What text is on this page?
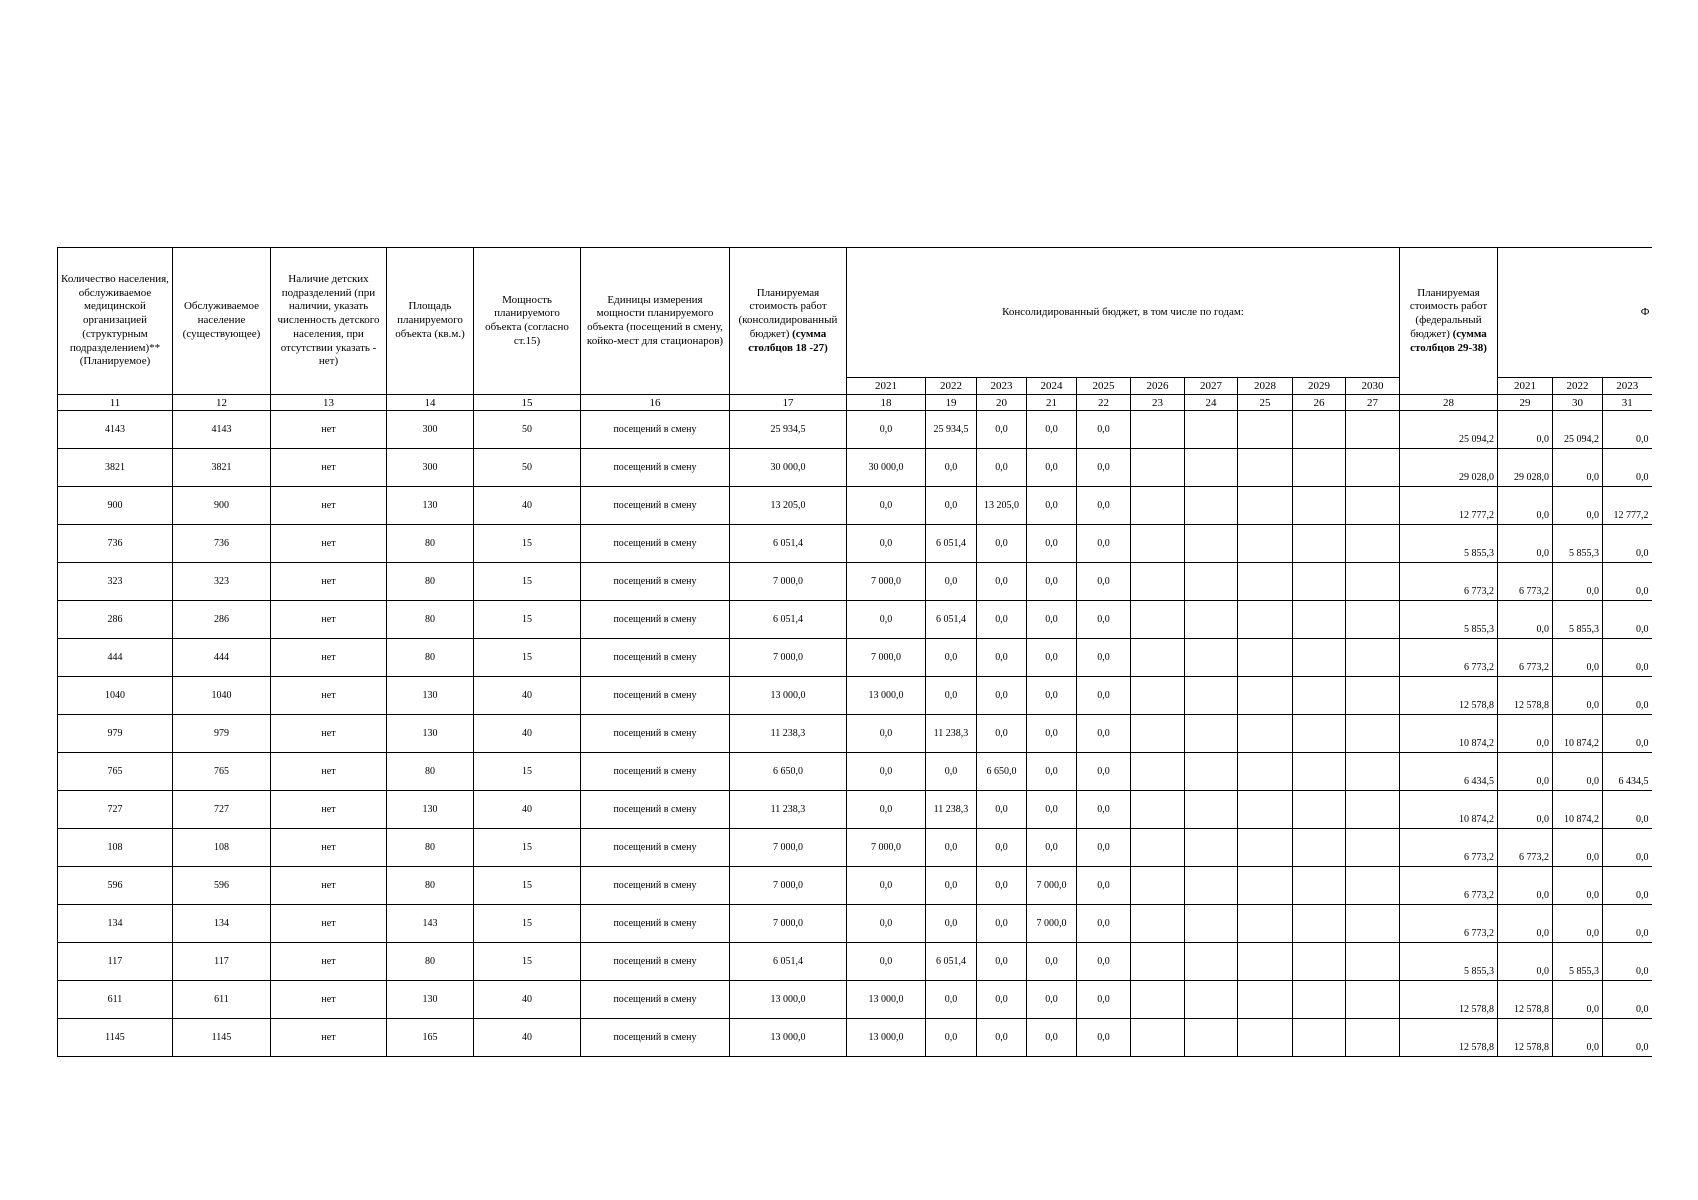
Количество населения, обслуживаемое медицинской организацией (структурным подразделением)** (Планируемое)	Обслуживаемое население (существующее)	Наличие детских подразделений (при наличии, указать численность детского населения, при отсутствии указать - нет)	Площадь планируемого объекта (кв.м.)	Мощность планируемого объекта (согласно ст.15)	Единицы измерения мощности планируемого объекта (посещений в смену, койко-мест для стационаров)	Планируемая стоимость работ (консолидированный бюджет) (сумма столбцов 18 -27)	Консолидированный бюджет, в том числе по годам:										Планируемая стоимость работ (федеральный бюджет) (сумма столбцов 29-38)	Ф		
							2021	2022	2023	2024	2025	2026	2027	2028	2029	2030		2021	2022	2023
11	12	13	14	15	16	17	18	19	20	21	22	23	24	25	26	27	28	29	30	31
4143	4143	нет	300	50	посещений в смену	25 934,5	0,0	25 934,5	0,0	0,0	0,0						25 094,2	0,0	25 094,2	0,0
3821	3821	нет	300	50	посещений в смену	30 000,0	30 000,0	0,0	0,0	0,0	0,0						29 028,0	29 028,0	0,0	0,0
900	900	нет	130	40	посещений в смену	13 205,0	0,0	0,0	13 205,0	0,0	0,0						12 777,2	0,0	0,0	12 777,2
736	736	нет	80	15	посещений в смену	6 051,4	0,0	6 051,4	0,0	0,0	0,0						5 855,3	0,0	5 855,3	0,0
323	323	нет	80	15	посещений в смену	7 000,0	7 000,0	0,0	0,0	0,0	0,0						6 773,2	6 773,2	0,0	0,0
286	286	нет	80	15	посещений в смену	6 051,4	0,0	6 051,4	0,0	0,0	0,0						5 855,3	0,0	5 855,3	0,0
444	444	нет	80	15	посещений в смену	7 000,0	7 000,0	0,0	0,0	0,0	0,0						6 773,2	6 773,2	0,0	0,0
1040	1040	нет	130	40	посещений в смену	13 000,0	13 000,0	0,0	0,0	0,0	0,0						12 578,8	12 578,8	0,0	0,0
979	979	нет	130	40	посещений в смену	11 238,3	0,0	11 238,3	0,0	0,0	0,0						10 874,2	0,0	10 874,2	0,0
765	765	нет	80	15	посещений в смену	6 650,0	0,0	0,0	6 650,0	0,0	0,0						6 434,5	0,0	0,0	6 434,5
727	727	нет	130	40	посещений в смену	11 238,3	0,0	11 238,3	0,0	0,0	0,0						10 874,2	0,0	10 874,2	0,0
108	108	нет	80	15	посещений в смену	7 000,0	7 000,0	0,0	0,0	0,0	0,0						6 773,2	6 773,2	0,0	0,0
596	596	нет	80	15	посещений в смену	7 000,0	0,0	0,0	0,0	7 000,0	0,0						6 773,2	0,0	0,0	0,0
134	134	нет	143	15	посещений в смену	7 000,0	0,0	0,0	0,0	7 000,0	0,0						6 773,2	0,0	0,0	0,0
117	117	нет	80	15	посещений в смену	6 051,4	0,0	6 051,4	0,0	0,0	0,0						5 855,3	0,0	5 855,3	0,0
611	611	нет	130	40	посещений в смену	13 000,0	13 000,0	0,0	0,0	0,0	0,0						12 578,8	12 578,8	0,0	0,0
1145	1145	нет	165	40	посещений в смену	13 000,0	13 000,0	0,0	0,0	0,0	0,0						12 578,8	12 578,8	0,0	0,0
